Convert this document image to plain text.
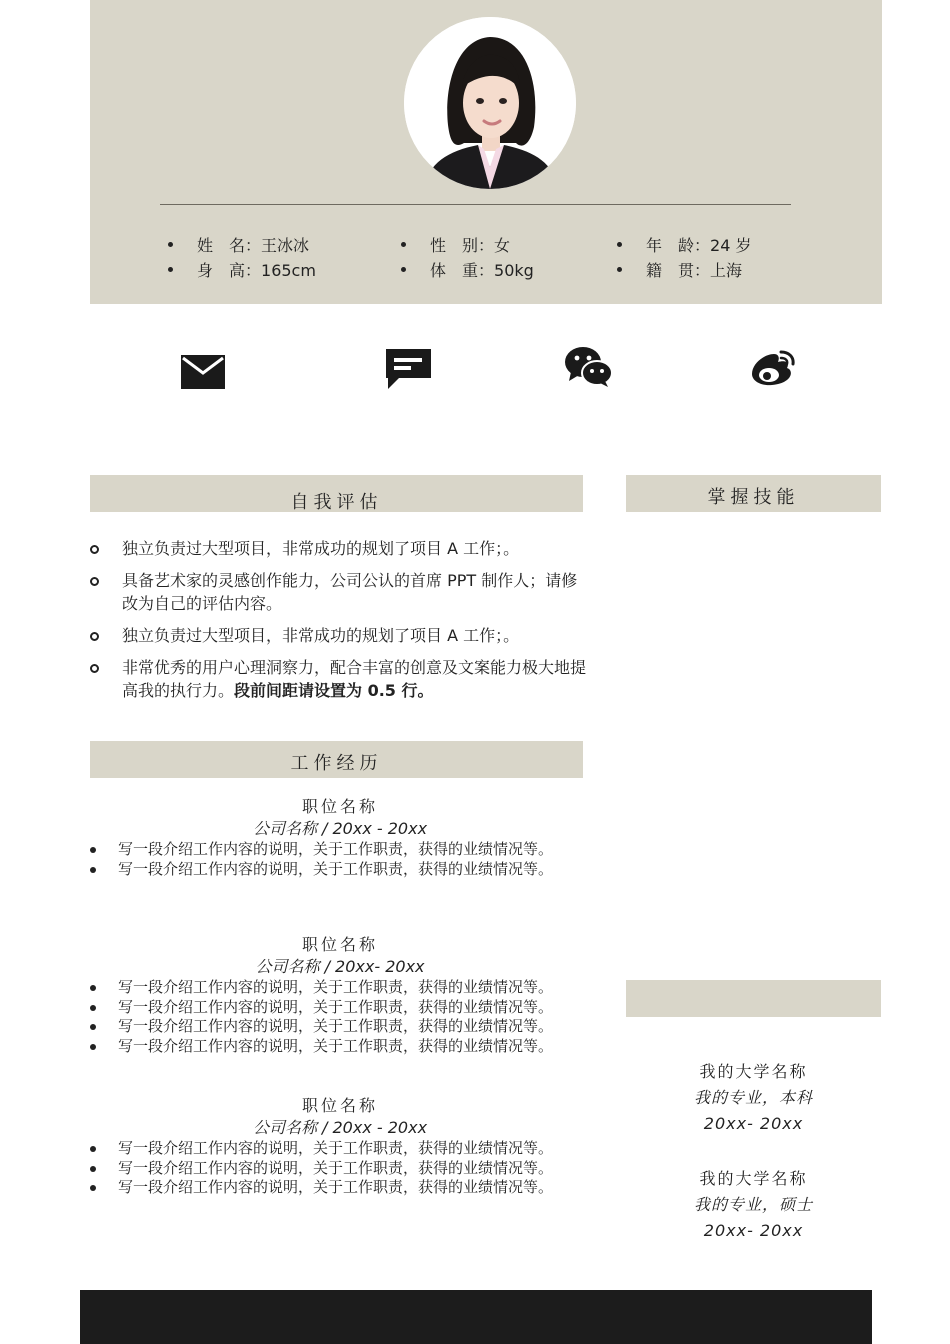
姓　名：王冰冰
身　高：165cm
性　别：女
体　重：50kg
年　龄：24 岁
籍　贯：上海
自我评估
独立负责过大型项目，非常成功的规划了项目 A 工作；。
具备艺术家的灵感创作能力，公司公认的首席 PPT 制作人；请修改为自己的评估内容。
独立负责过大型项目，非常成功的规划了项目 A 工作；。
非常优秀的用户心理洞察力，配合丰富的创意及文案能力极大地提高我的执行力。段前间距请设置为 0.5 行。
掌握技能
工作经历
职位名称
公司名称 / 20xx - 20xx
写一段介绍工作内容的说明，关于工作职责，获得的业绩情况等。
写一段介绍工作内容的说明，关于工作职责，获得的业绩情况等。
职位名称
公司名称 / 20xx- 20xx
写一段介绍工作内容的说明，关于工作职责，获得的业绩情况等。
写一段介绍工作内容的说明，关于工作职责，获得的业绩情况等。
写一段介绍工作内容的说明，关于工作职责，获得的业绩情况等。
写一段介绍工作内容的说明，关于工作职责，获得的业绩情况等。
职位名称
公司名称 / 20xx - 20xx
写一段介绍工作内容的说明，关于工作职责，获得的业绩情况等。
写一段介绍工作内容的说明，关于工作职责，获得的业绩情况等。
写一段介绍工作内容的说明，关于工作职责，获得的业绩情况等。
我的大学名称
我的专业，本科
20xx- 20xx
我的大学名称
我的专业，硕士
20xx- 20xx
